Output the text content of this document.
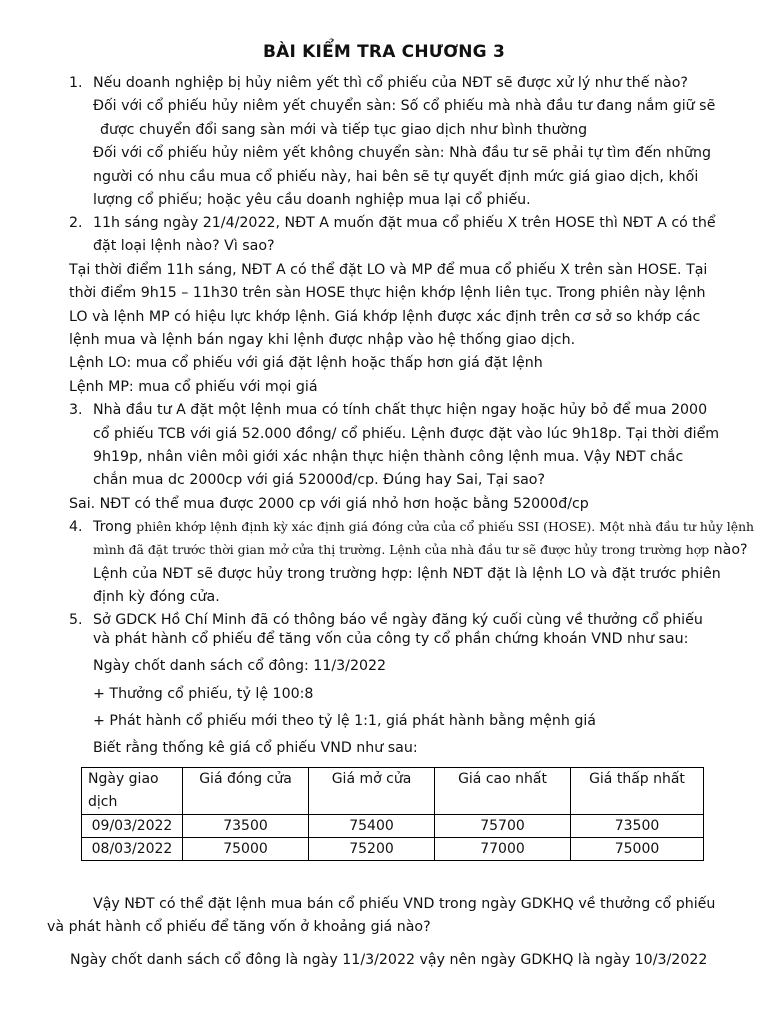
BÀI KIỂM TRA CHƯƠNG 3
1. Nếu doanh nghiệp bị hủy niêm yết thì cổ phiếu của NĐT sẽ được xử lý như thế nào?
Đối với cổ phiếu hủy niêm yết chuyển sàn: Số cổ phiếu mà nhà đầu tư đang nắm giữ sẽ
được chuyển đổi sang sàn mới và tiếp tục giao dịch như bình thường
Đối với cổ phiếu hủy niêm yết không chuyển sàn: Nhà đầu tư sẽ phải tự tìm đến những
người có nhu cầu mua cổ phiếu này, hai bên sẽ tự quyết định mức giá giao dịch, khối
lượng cổ phiếu; hoặc yêu cầu doanh nghiệp mua lại cổ phiếu.
2. 11h sáng ngày 21/4/2022, NĐT A muốn đặt mua cổ phiếu X trên HOSE thì NĐT A có thể
đặt loại lệnh nào? Vì sao?
Tại thời điểm 11h sáng, NĐT A có thể đặt LO và MP để mua cổ phiếu X trên sàn HOSE. Tại
thời điểm 9h15 – 11h30 trên sàn HOSE thực hiện khớp lệnh liên tục. Trong phiên này lệnh
LO và lệnh MP có hiệu lực khớp lệnh. Giá khớp lệnh được xác định trên cơ sở so khớp các
lệnh mua và lệnh bán ngay khi lệnh được nhập vào hệ thống giao dịch.
Lệnh LO: mua cổ phiếu với giá đặt lệnh hoặc thấp hơn giá đặt lệnh
Lệnh MP: mua cổ phiếu với mọi giá
3. Nhà đầu tư A đặt một lệnh mua có tính chất thực hiện ngay hoặc hủy bỏ để mua 2000
cổ phiếu TCB với giá 52.000 đồng/ cổ phiếu. Lệnh được đặt vào lúc 9h18p. Tại thời điểm
9h19p, nhân viên môi giới xác nhận thực hiện thành công lệnh mua. Vậy NĐT chắc
chắn mua dc 2000cp với giá 52000đ/cp. Đúng hay Sai, Tại sao?
Sai. NĐT có thể mua được 2000 cp với giá nhỏ hơn hoặc bằng 52000đ/cp
4. Trong phiên khớp lệnh định kỳ xác định giá đóng cửa của cổ phiếu SSI (HOSE). Một nhà đầu tư hủy lệnh
mình đã đặt trước thời gian mở cửa thị trường. Lệnh của nhà đầu tư sẽ được hủy trong trường hợp nào?
Lệnh của NĐT sẽ được hủy trong trường hợp: lệnh NĐT đặt là lệnh LO và đặt trước phiên
định kỳ đóng cửa.
5. Sở GDCK Hồ Chí Minh đã có thông báo về ngày đăng ký cuối cùng về thưởng cổ phiếu
và phát hành cổ phiếu để tăng vốn của công ty cổ phần chứng khoán VND như sau:
Ngày chốt danh sách cổ đông: 11/3/2022
+ Thưởng cổ phiếu, tỷ lệ 100:8
+ Phát hành cổ phiếu mới theo tỷ lệ 1:1, giá phát hành bằng mệnh giá
Biết rằng thống kê giá cổ phiếu VND như sau:
Ngày giao
dịch	Giá đóng cửa	Giá mở cửa	Giá cao nhất	Giá thấp nhất
09/03/2022	73500	75400	75700	73500
08/03/2022	75000	75200	77000	75000
Vậy NĐT có thể đặt lệnh mua bán cổ phiếu VND trong ngày GDKHQ về thưởng cổ phiếu
và phát hành cổ phiếu để tăng vốn ở khoảng giá nào?
Ngày chốt danh sách cổ đông là ngày 11/3/2022 vậy nên ngày GDKHQ là ngày 10/3/2022
